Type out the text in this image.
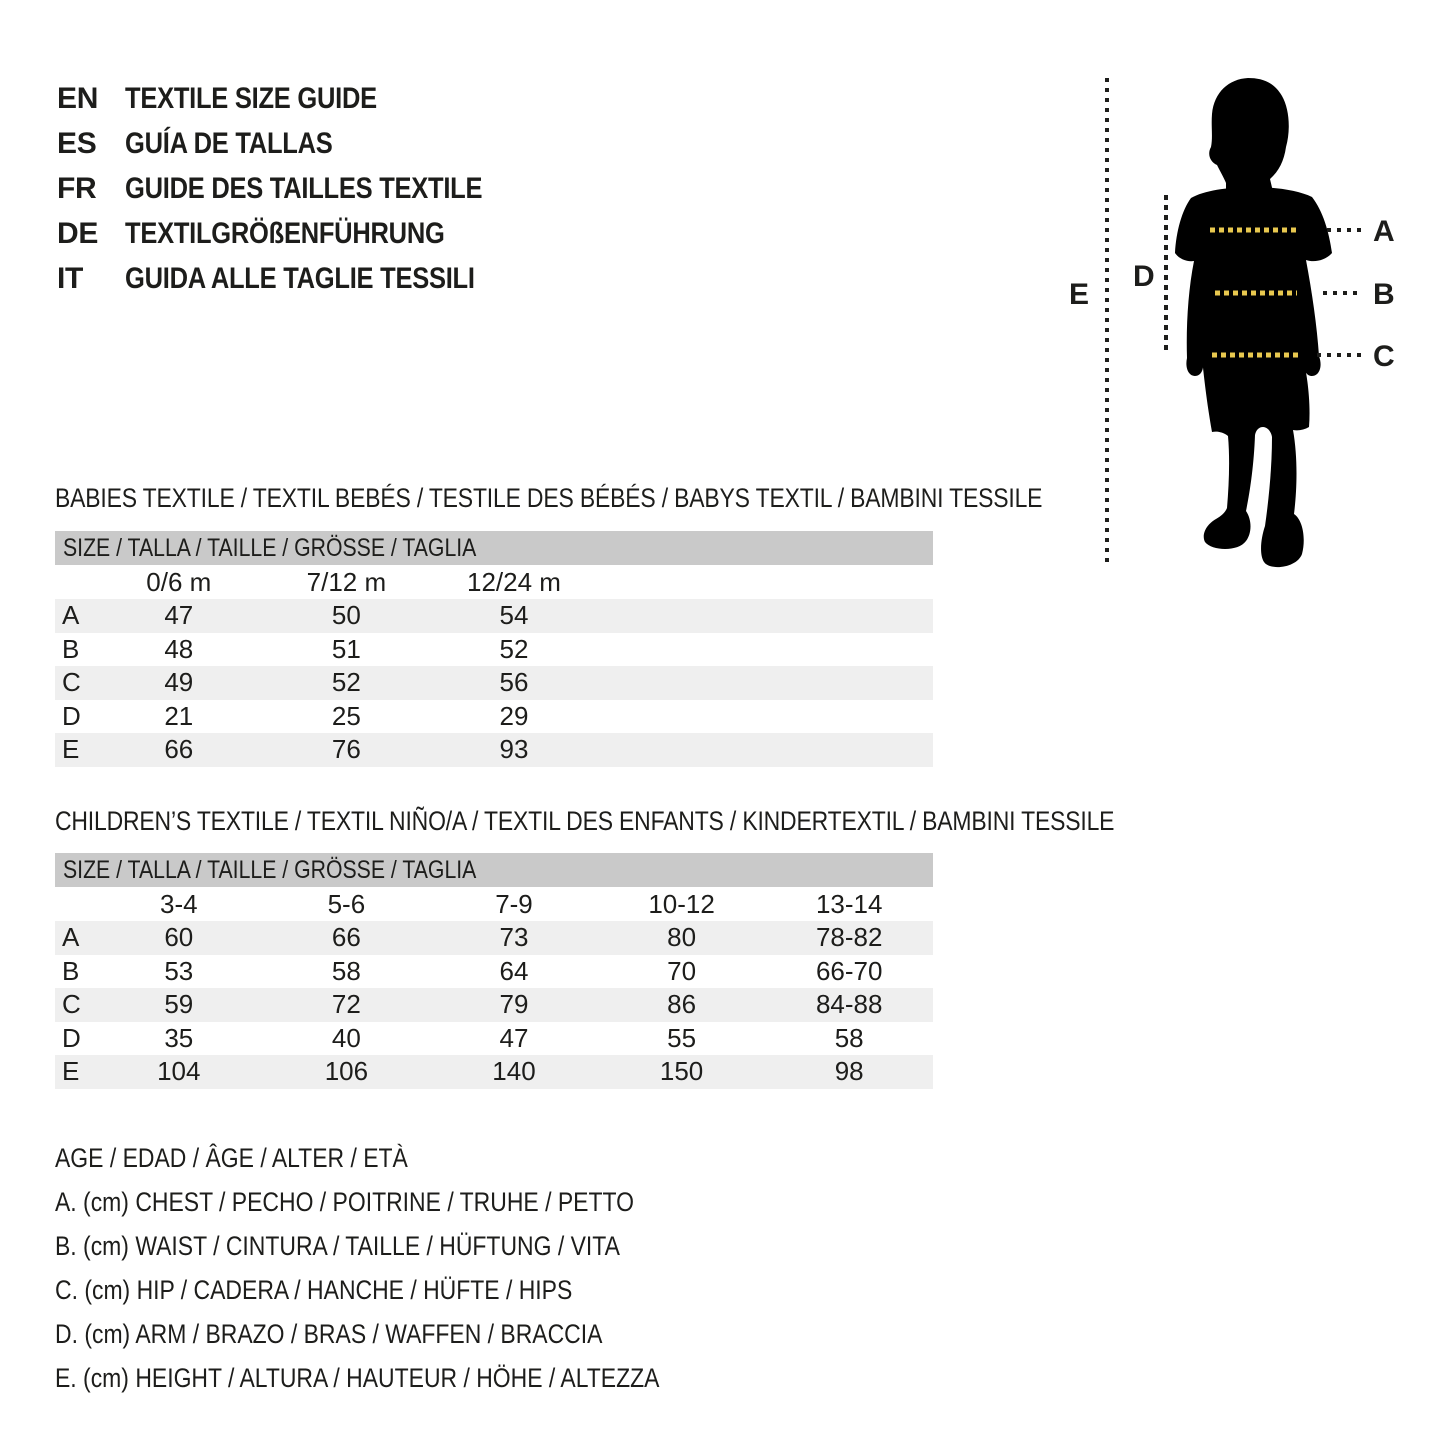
EN TEXTILE SIZE GUIDE
ES GUÍA DE TALLAS
FR GUIDE DES TAILLES TEXTILE
DE TEXTILGRÖßENFÜHRUNG
IT	GUIDA ALLE TAGLIE TESSILI
A
B
C
D
E
BABIES TEXTILE / TEXTIL BEBÉS / TESTILE DES BÉBÉS / BABYS TEXTIL / BAMBINI TESSILE
SIZE / TALLA / TAILLE / GRÖSSE / TAGLIA
	0/6 m	7/12 m	12/24 m	
A	47	50	54	
B	48	51	52	
C	49	52	56	
D	21	25	29	
E	66	76	93	
CHILDREN’S TEXTILE / TEXTIL NIÑO/A / TEXTIL DES ENFANTS / KINDERTEXTIL / BAMBINI TESSILE
SIZE / TALLA / TAILLE / GRÖSSE / TAGLIA
	3-4	5-6	7-9	10-12	13-14
A	60	66	73	80	78-82
B	53	58	64	70	66-70
C	59	72	79	86	84-88
D	35	40	47	55	58
E	104	106	140	150	98
AGE / EDAD / ÂGE / ALTER / ETÀ
A. (cm) CHEST / PECHO / POITRINE / TRUHE / PETTO
B. (cm) WAIST / CINTURA / TAILLE / HÜFTUNG / VITA
C. (cm) HIP / CADERA / HANCHE / HÜFTE / HIPS
D. (cm) ARM / BRAZO / BRAS / WAFFEN / BRACCIA
E. (cm) HEIGHT / ALTURA / HAUTEUR / HÖHE / ALTEZZA
